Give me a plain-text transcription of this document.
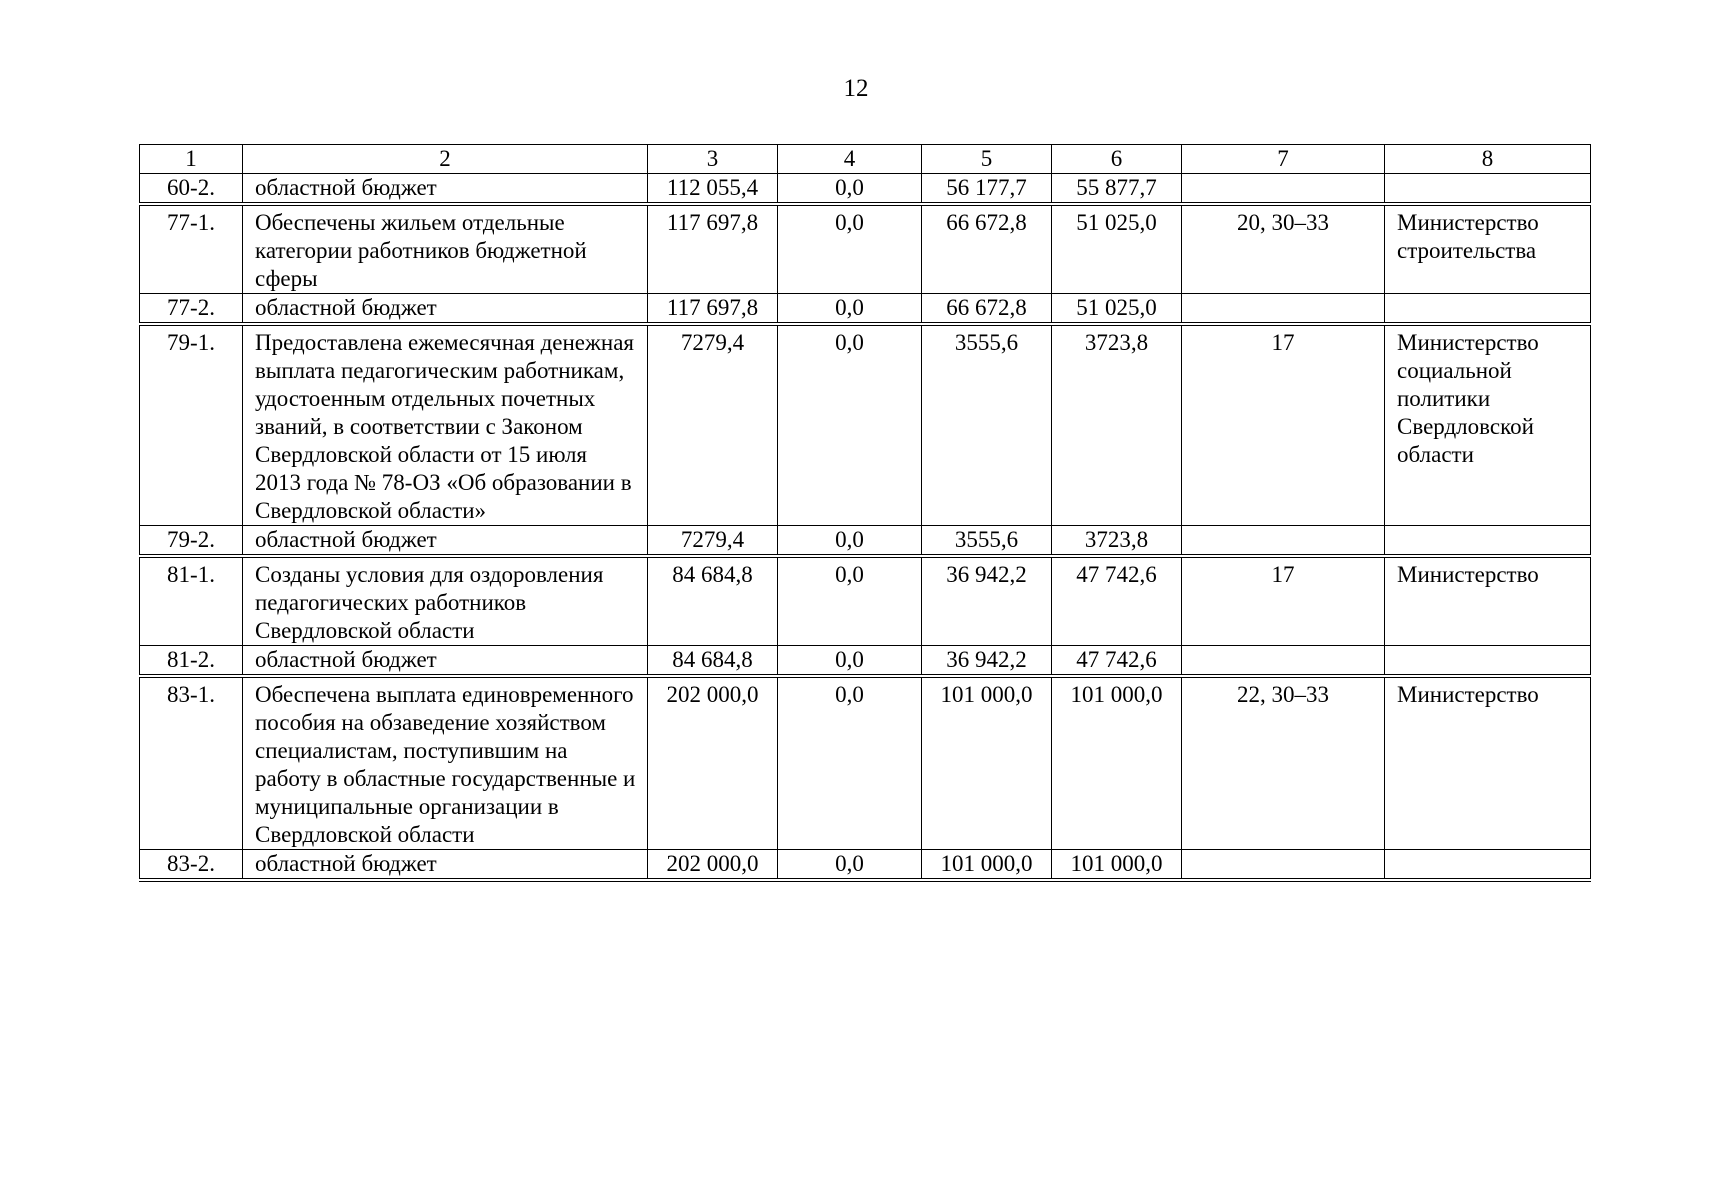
12
1	2	3	4	5	6	7	8
60-2.	областной бюджет	112 055,4	0,0	56 177,7	55 877,7		
77-1.	Обеспечены жильем отдельные категории работников бюджетной сферы	117 697,8	0,0	66 672,8	51 025,0	20, 30–33	Министерство строительства
77-2.	областной бюджет	117 697,8	0,0	66 672,8	51 025,0		
79-1.	Предоставлена ежемесячная денежная выплата педагогическим работникам, удостоенным отдельных почетных званий, в соответствии с Законом Свердловской области от 15 июля 2013 года № 78-ОЗ «Об образовании в Свердловской области»	7279,4	0,0	3555,6	3723,8	17	Министерство социальной политики Свердловской области
79-2.	областной бюджет	7279,4	0,0	3555,6	3723,8		
81-1.	Созданы условия для оздоровления педагогических работников Свердловской области	84 684,8	0,0	36 942,2	47 742,6	17	Министерство
81-2.	областной бюджет	84 684,8	0,0	36 942,2	47 742,6		
83-1.	Обеспечена выплата единовременного пособия на обзаведение хозяйством специалистам, поступившим на работу в областные государственные и муниципальные организации в Свердловской области	202 000,0	0,0	101 000,0	101 000,0	22, 30–33	Министерство
83-2.	областной бюджет	202 000,0	0,0	101 000,0	101 000,0		
